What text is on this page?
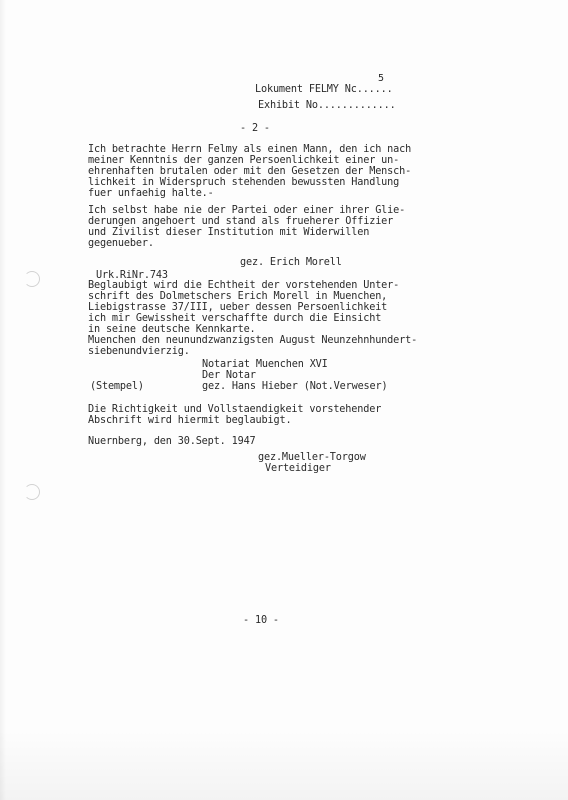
5
Lokument FELMY Nc......
Exhibit No.............
- 2 -
Ich betrachte Herrn Felmy als einen Mann, den ich nach
meiner Kenntnis der ganzen Persoenlichkeit einer un-
ehrenhaften brutalen oder mit den Gesetzen der Mensch-
lichkeit in Widerspruch stehenden bewussten Handlung
fuer unfaehig halte.-
Ich selbst habe nie der Partei oder einer ihrer Glie-
derungen angehoert und stand als frueherer Offizier
und Zivilist dieser Institution mit Widerwillen
gegenueber.
gez. Erich Morell
Urk.RiNr.743
Beglaubigt wird die Echtheit der vorstehenden Unter-
schrift des Dolmetschers Erich Morell in Muenchen,
Liebigstrasse 37/III, ueber dessen Persoenlichkeit
ich mir Gewissheit verschaffte durch die Einsicht
in seine deutsche Kennkarte.
Muenchen den neunundzwanzigsten August Neunzehnhundert-
siebenundvierzig.
Notariat Muenchen XVI
Der Notar
(Stempel)	gez. Hans Hieber (Not.Verweser)
Die Richtigkeit und Vollstaendigkeit vorstehender
Abschrift wird hiermit beglaubigt.
Nuernberg, den 30.Sept. 1947
gez.Mueller-Torgow
Verteidiger
- 10 -
